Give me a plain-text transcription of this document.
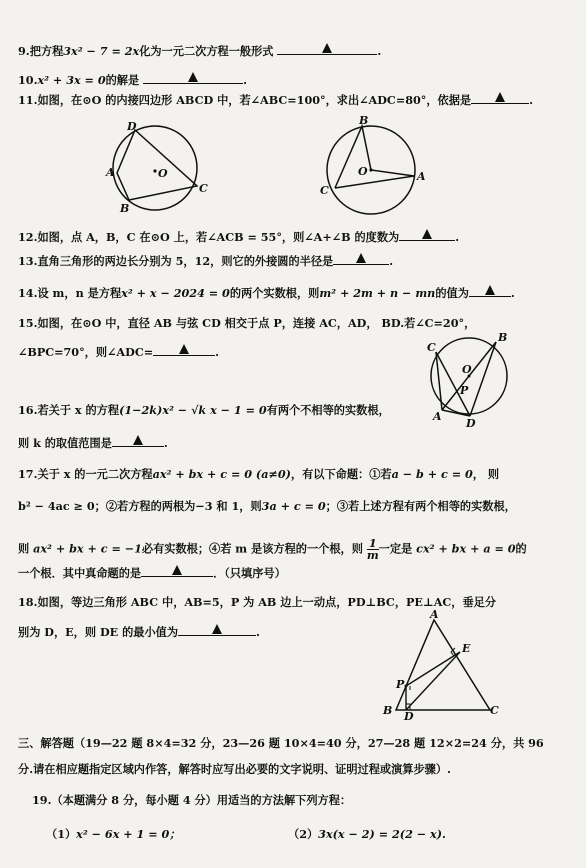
9.把方程3x² − 7 = 2x化为一元二次方程一般形式	.
10.x² + 3x = 0的解是	.
11.如图，在⊙O 的内接四边形 ABCD 中，若∠ABC=100°，求出∠ADC=80°，依据是	.
D
A	O
C
B
B
O	A
C
12.如图，点 A，B，C 在⊙O 上，若∠ACB = 55°，则∠A+∠B 的度数为	.
13.直角三角形的两边长分别为 5，12，则它的外接圆的半径是	.
14.设 m，n 是方程x² + x − 2024 = 0的两个实数根，则m² + 2m + n − mn的值为	.
15.如图，在⊙O 中，直径 AB 与弦 CD 相交于点 P，连接 AC，AD， BD.若∠C=20°，
∠BPC=70°，则∠ADC=	.	C
B
O
P
A
D
16.若关于 x 的方程(1−2k)x² − √k x − 1 = 0有两个不相等的实数根，
则 k 的取值范围是	.
17.关于 x 的一元二次方程ax² + bx + c = 0 (a≠0)，有以下命题：①若a − b + c = 0， 则
b² − 4ac ≥ 0；②若方程的两根为−3 和 1，则3a + c = 0；③若上述方程有两个相等的实数根，
则 ax² + bx + c = −1必有实数根；④若 m 是该方程的一个根，则 $\frac{1}{m}$ 一定是 cx² + bx + a = 0的
一个根．其中真命题的是	．（只填序号）
18.如图，等边三角形 ABC 中，AB=5，P 为 AB 边上一动点，PD⊥BC，PE⊥AC，垂足分
别为 D，E，则 DE 的最小值为	.
A
E
P
B D	C
三、解答题（19—22 题 8×4=32 分，23—26 题 10×4=40 分，27—28 题 12×2=24 分，共 96
分.请在相应题指定区域内作答，解答时应写出必要的文字说明、证明过程或演算步骤）.
19.（本题满分 8 分，每小题 4 分）用适当的方法解下列方程：
（1）x² − 6x + 1 = 0；	（2）3x(x − 2) = 2(2 − x).
